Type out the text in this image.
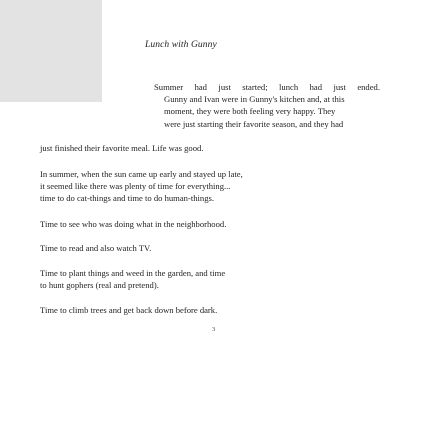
Lunch with Gunny
Summer had just started; lunch had just ended.
Gunny and Ivan were in Gunny's kitchen and, at this
moment, they were both feeling very happy. They
were just starting their favorite season, and they had
just finished their favorite meal. Life was good.
In summer, when the sun came up early and stayed up late,
it seemed like there was plenty of time for everything...
time to do cat-things and time to do human-things.
Time to see who was doing what in the neighborhood.
Time to read and also watch TV.
Time to plant things and weed in the garden, and time
to hunt gophers (real and pretend).
Time to climb trees and get back down before dark.
3
